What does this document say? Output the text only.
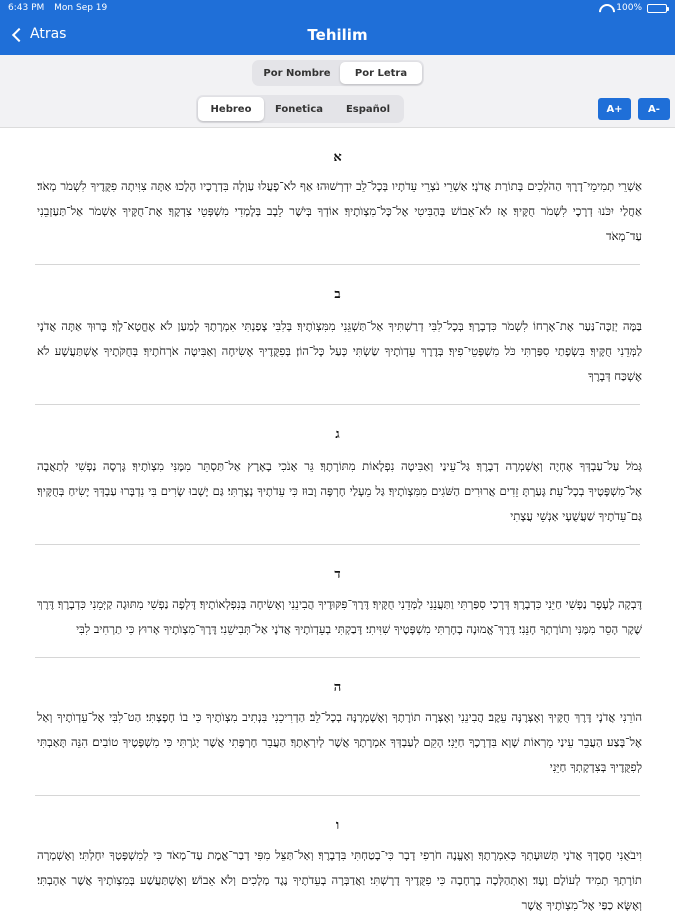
6:43 PM Mon Sep 19	100%
Atras	Tehilim
Por Nombre	Por Letra
Hebreo	Fonetica	Español	A+	A-
א
אַשְׁרֵי תְמִימֵי־דָרֶךְ הַהֹלְכִים בְּתוֹרַת אֲדֹנָי׃ אַשְׁרֵי נֹצְרֵי עֵדֹתָיו בְּכָל־לֵב יִדְרְשׁוּהוּ׃ אַף לֹא־פָעֲלוּ עַוְלָה בִּדְרָכָיו הָלָכוּ׃ אַתָּה צִוִּיתָה פִקֻּדֶיךָ לִשְׁמֹר מְאֹד׃ אַחֲלַי יִכֹּנוּ דְרָכָי לִשְׁמֹר חֻקֶּיךָ׃ אָז לֹא־אֵבוֹשׁ בְּהַבִּיטִי אֶל־כָּל־מִצְוֺתֶיךָ׃ אוֹדְךָ בְּיֹשֶׁר לֵבָב בְּלָמְדִי מִשְׁפְּטֵי צִדְקֶךָ׃ אֶת־חֻקֶּיךָ אֶשְׁמֹר אַל־תַּעַזְבֵנִי עַד־מְאֹד
ב
בַּמֶּה יְזַכֶּה־נַּעַר אֶת־אָרְחוֹ לִשְׁמֹר כִּדְבָרֶךָ׃ בְּכָל־לִבִּי דְרַשְׁתִּיךָ אַל־תַּשְׁגֵּנִי מִמִּצְוֺתֶיךָ׃ בְּלִבִּי צָפַנְתִּי אִמְרָתֶךָ לְמַעַן לֹא אֶחֱטָא־לָךְ׃ בָּרוּךְ אַתָּה אֲדֹנָי לַמְּדֵנִי חֻקֶּיךָ׃ בִּשְׂפָתַי סִפַּרְתִּי כֹּל מִשְׁפְּטֵי־פִיךָ׃ בְּדֶרֶךְ עֵדְוֺתֶיךָ שַׂשְׂתִּי כְּעַל כָּל־הוֹן׃ בְּפִקֻּדֶיךָ אָשִׂיחָה וְאַבִּיטָה אֹרְחֹתֶיךָ׃ בְּחֻקֹּתֶיךָ אֶשְׁתַּעֲשָׁע לֹא אֶשְׁכַּח דְּבָרֶךָ
ג
גְּמֹל עַל־עַבְדְּךָ אֶחְיֶה וְאֶשְׁמְרָה דְבָרֶךָ׃ גַּל־עֵינַי וְאַבִּיטָה נִפְלָאוֹת מִתּוֹרָתֶךָ׃ גֵּר אָנֹכִי בָאָרֶץ אַל־תַּסְתֵּר מִמֶּנִּי מִצְוֺתֶיךָ׃ גָּרְסָה נַפְשִׁי לְתַאֲבָה אֶל־מִשְׁפָּטֶיךָ בְכָל־עֵת׃ גָּעַרְתָּ זֵדִים אֲרוּרִים הַשֹּׁגִים מִמִּצְוֺתֶיךָ׃ גַּל מֵעָלַי חֶרְפָּה וָבוּז כִּי עֵדֹתֶיךָ נָצָרְתִּי׃ גַּם יָשְׁבוּ שָׂרִים בִּי נִדְבָּרוּ עַבְדְּךָ יָשִׂיחַ בְּחֻקֶּיךָ׃ גַּם־עֵדֹתֶיךָ שַׁעֲשֻׁעָי אַנְשֵׁי עֲצָתִי
ד
דָּבְקָה לֶעָפָר נַפְשִׁי חַיֵּנִי כִּדְבָרֶךָ׃ דְּרָכַי סִפַּרְתִּי וַתַּעֲנֵנִי לַמְּדֵנִי חֻקֶּיךָ׃ דֶּרֶךְ־פִּקּוּדֶיךָ הֲבִינֵנִי וְאָשִׂיחָה בְּנִפְלְאוֹתֶיךָ׃ דָּלְפָה נַפְשִׁי מִתּוּגָה קַיְּמֵנִי כִּדְבָרֶךָ׃ דֶּרֶךְ שֶׁקֶר הָסֵר מִמֶּנִּי וְתוֹרָתְךָ חָנֵּנִי׃ דֶּרֶךְ־אֱמוּנָה בָחָרְתִּי מִשְׁפָּטֶיךָ שִׁוִּיתִי׃ דָּבַקְתִּי בְעֵדְוֺתֶיךָ אֲדֹנָי אַל־תְּבִישֵׁנִי׃ דֶּרֶךְ־מִצְוֺתֶיךָ אָרוּץ כִּי תַרְחִיב לִבִּי
ה
הוֹרֵנִי אֲדֹנָי דֶּרֶךְ חֻקֶּיךָ וְאֶצְּרֶנָּה עֵקֶב׃ הֲבִינֵנִי וְאֶצְּרָה תוֹרָתֶךָ וְאֶשְׁמְרֶנָּה בְכָל־לֵב׃ הַדְרִיכֵנִי בִּנְתִיב מִצְוֺתֶיךָ כִּי בוֹ חָפָצְתִּי׃ הַט־לִבִּי אֶל־עֵדְוֺתֶיךָ וְאַל אֶל־בָּצַע׃ הַעֲבֵר עֵינַי מֵרְאוֹת שָׁוְא בִּדְרָכֶךָ חַיֵּנִי׃ הָקֵם לְעַבְדְּךָ אִמְרָתֶךָ אֲשֶׁר לְיִרְאָתֶךָ׃ הַעֲבֵר חֶרְפָּתִי אֲשֶׁר יָגֹרְתִּי כִּי מִשְׁפָּטֶיךָ טוֹבִים׃ הִנֵּה תָּאַבְתִּי לְפִקֻּדֶיךָ בְּצִדְקָתְךָ חַיֵּנִי
ו
וִיבֹאֻנִי חֲסָדֶךָ אֲדֹנָי תְּשׁוּעָתְךָ כְּאִמְרָתֶךָ׃ וְאֶעֱנֶה חֹרְפִי דָבָר כִּי־בָטַחְתִּי בִּדְבָרֶךָ׃ וְאַל־תַּצֵּל מִפִּי דְבַר־אֱמֶת עַד־מְאֹד כִּי לְמִשְׁפָּטֶךָ יִחָלְתִּי׃ וְאֶשְׁמְרָה תוֹרָתְךָ תָמִיד לְעוֹלָם וָעֶד׃ וְאֶתְהַלְּכָה בָרְחָבָה כִּי פִקֻּדֶיךָ דָרָשְׁתִּי׃ וַאֲדַבְּרָה בְעֵדֹתֶיךָ נֶגֶד מְלָכִים וְלֹא אֵבוֹשׁ׃ וְאֶשְׁתַּעֲשַׁע בְּמִצְוֺתֶיךָ אֲשֶׁר אָהָבְתִּי׃ וְאֶשָּׂא כַפַּי אֶל־מִצְוֺתֶיךָ אֲשֶׁר
